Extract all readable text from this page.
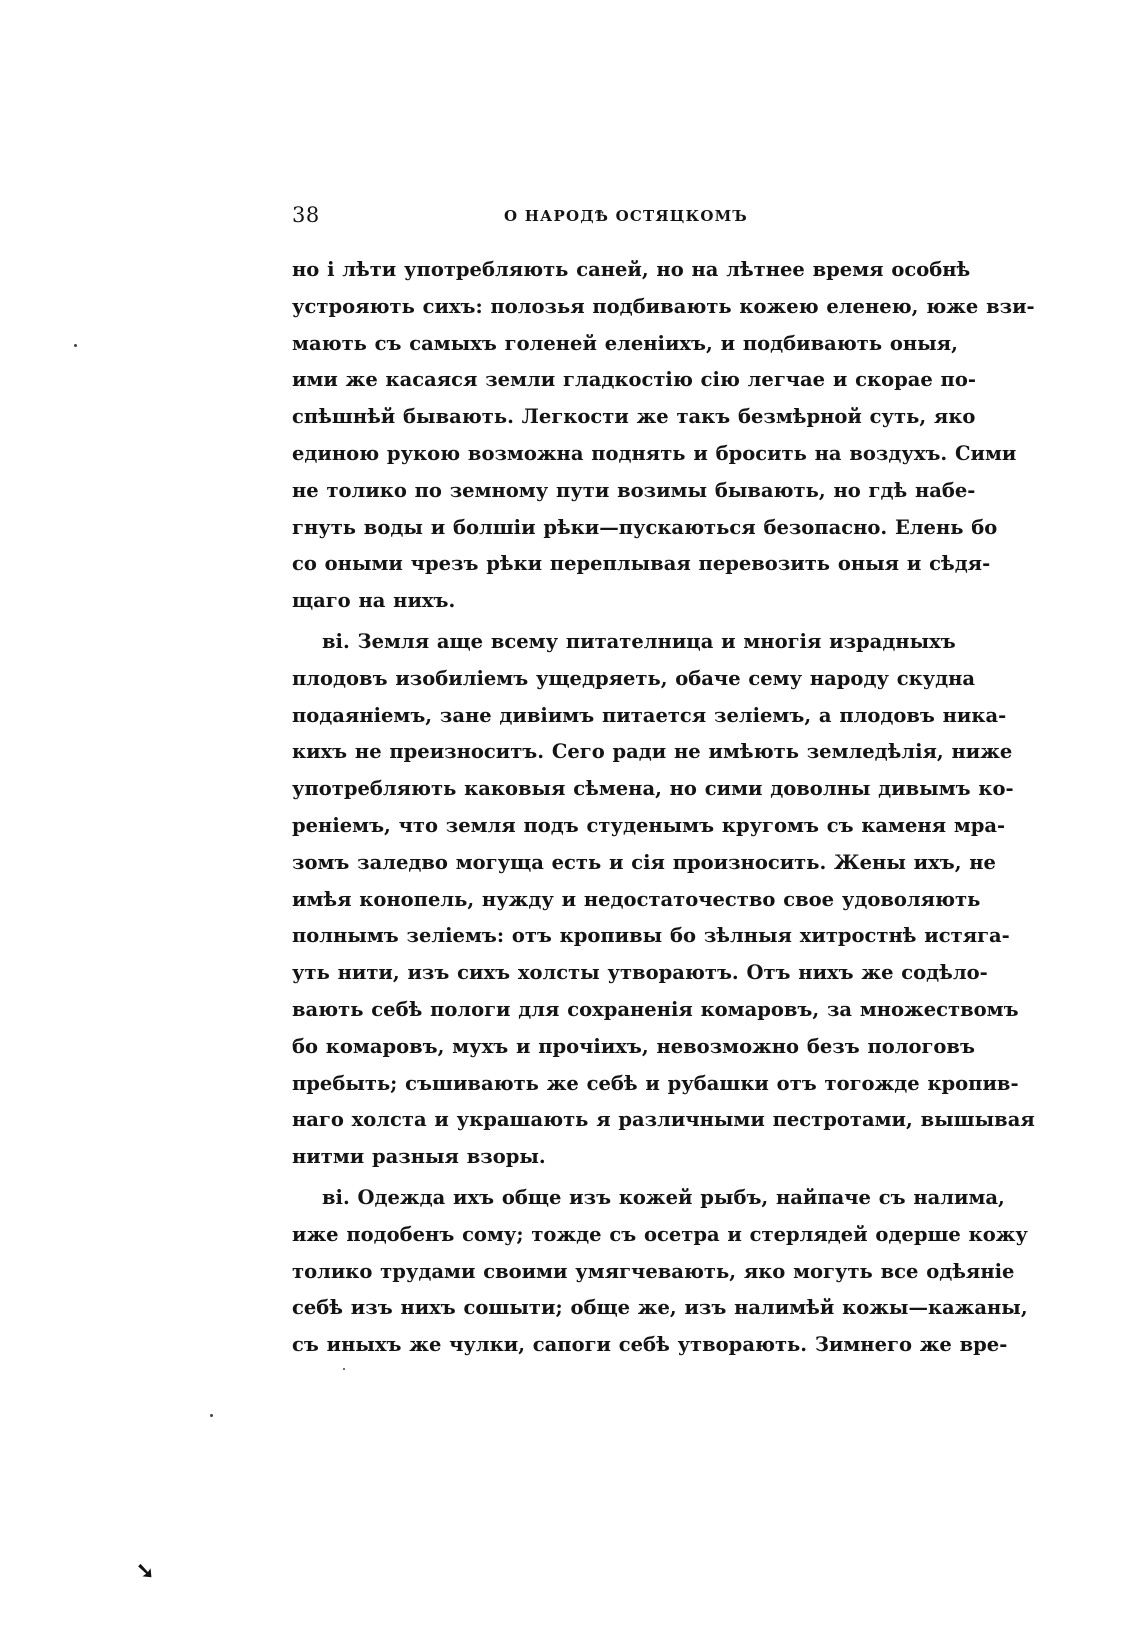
38	О НАРОДѢ ОСТЯЦКОМЪ
но і лѣти употребляють саней, но на лѣтнее время особнѣ
устрояють сихъ: полозья подбивають кожею еленею, юже взи-
мають съ самыхъ голеней еленіихъ, и подбивають оныя,
ими же касаяся земли гладкостію сію легчае и скорае по-
спѣшнѣй бывають. Легкости же такъ безмѣрной суть, яко
единою рукою возможна поднять и бросить на воздухъ. Сими
не толико по земному пути возимы бывають, но гдѣ набе-
гнуть воды и болшіи рѣки—пускаються безопасно. Елень бо
со оными чрезъ рѣки переплывая перевозить оныя и сѣдя-
щаго на нихъ.
ві. Земля аще всему питателница и многія израдныхъ
плодовъ изобиліемъ ущедряеть, обаче сему народу скудна
подаяніемъ, зане дивіимъ питается зеліемъ, а плодовъ ника-
кихъ не преизноситъ. Сего ради не имѣють земледѣлія, ниже
употребляють каковыя сѣмена, но сими доволны дивымъ ко-
реніемъ, что земля подъ студенымъ кругомъ съ каменя мра-
зомъ заледво могуща есть и сія произносить. Жены ихъ, не
имѣя конопель, нужду и недостаточество свое удоволяють
полнымъ зеліемъ: отъ кропивы бо зѣлныя хитростнѣ истяга-
уть нити, изъ сихъ холсты утвораютъ. Отъ нихъ же содѣло-
вають себѣ пологи для сохраненія комаровъ, за множествомъ
бо комаровъ, мухъ и прочіихъ, невозможно безъ пологовъ
пребыть; съшивають же себѣ и рубашки отъ тогожде кропив-
наго холста и украшають я различными пестротами, вышывая
нитми разныя взоры.
ві. Одежда ихъ обще изъ кожей рыбъ, найпаче съ налима,
иже подобенъ сому; тожде съ осетра и стерлядей одерше кожу
толико трудами своими умягчевають, яко могуть все одѣяніе
себѣ изъ нихъ сошыти; обще же, изъ налимѣй кожы—кажаны,
съ иныхъ же чулки, сапоги себѣ утворають. Зимнего же вре-
➘
